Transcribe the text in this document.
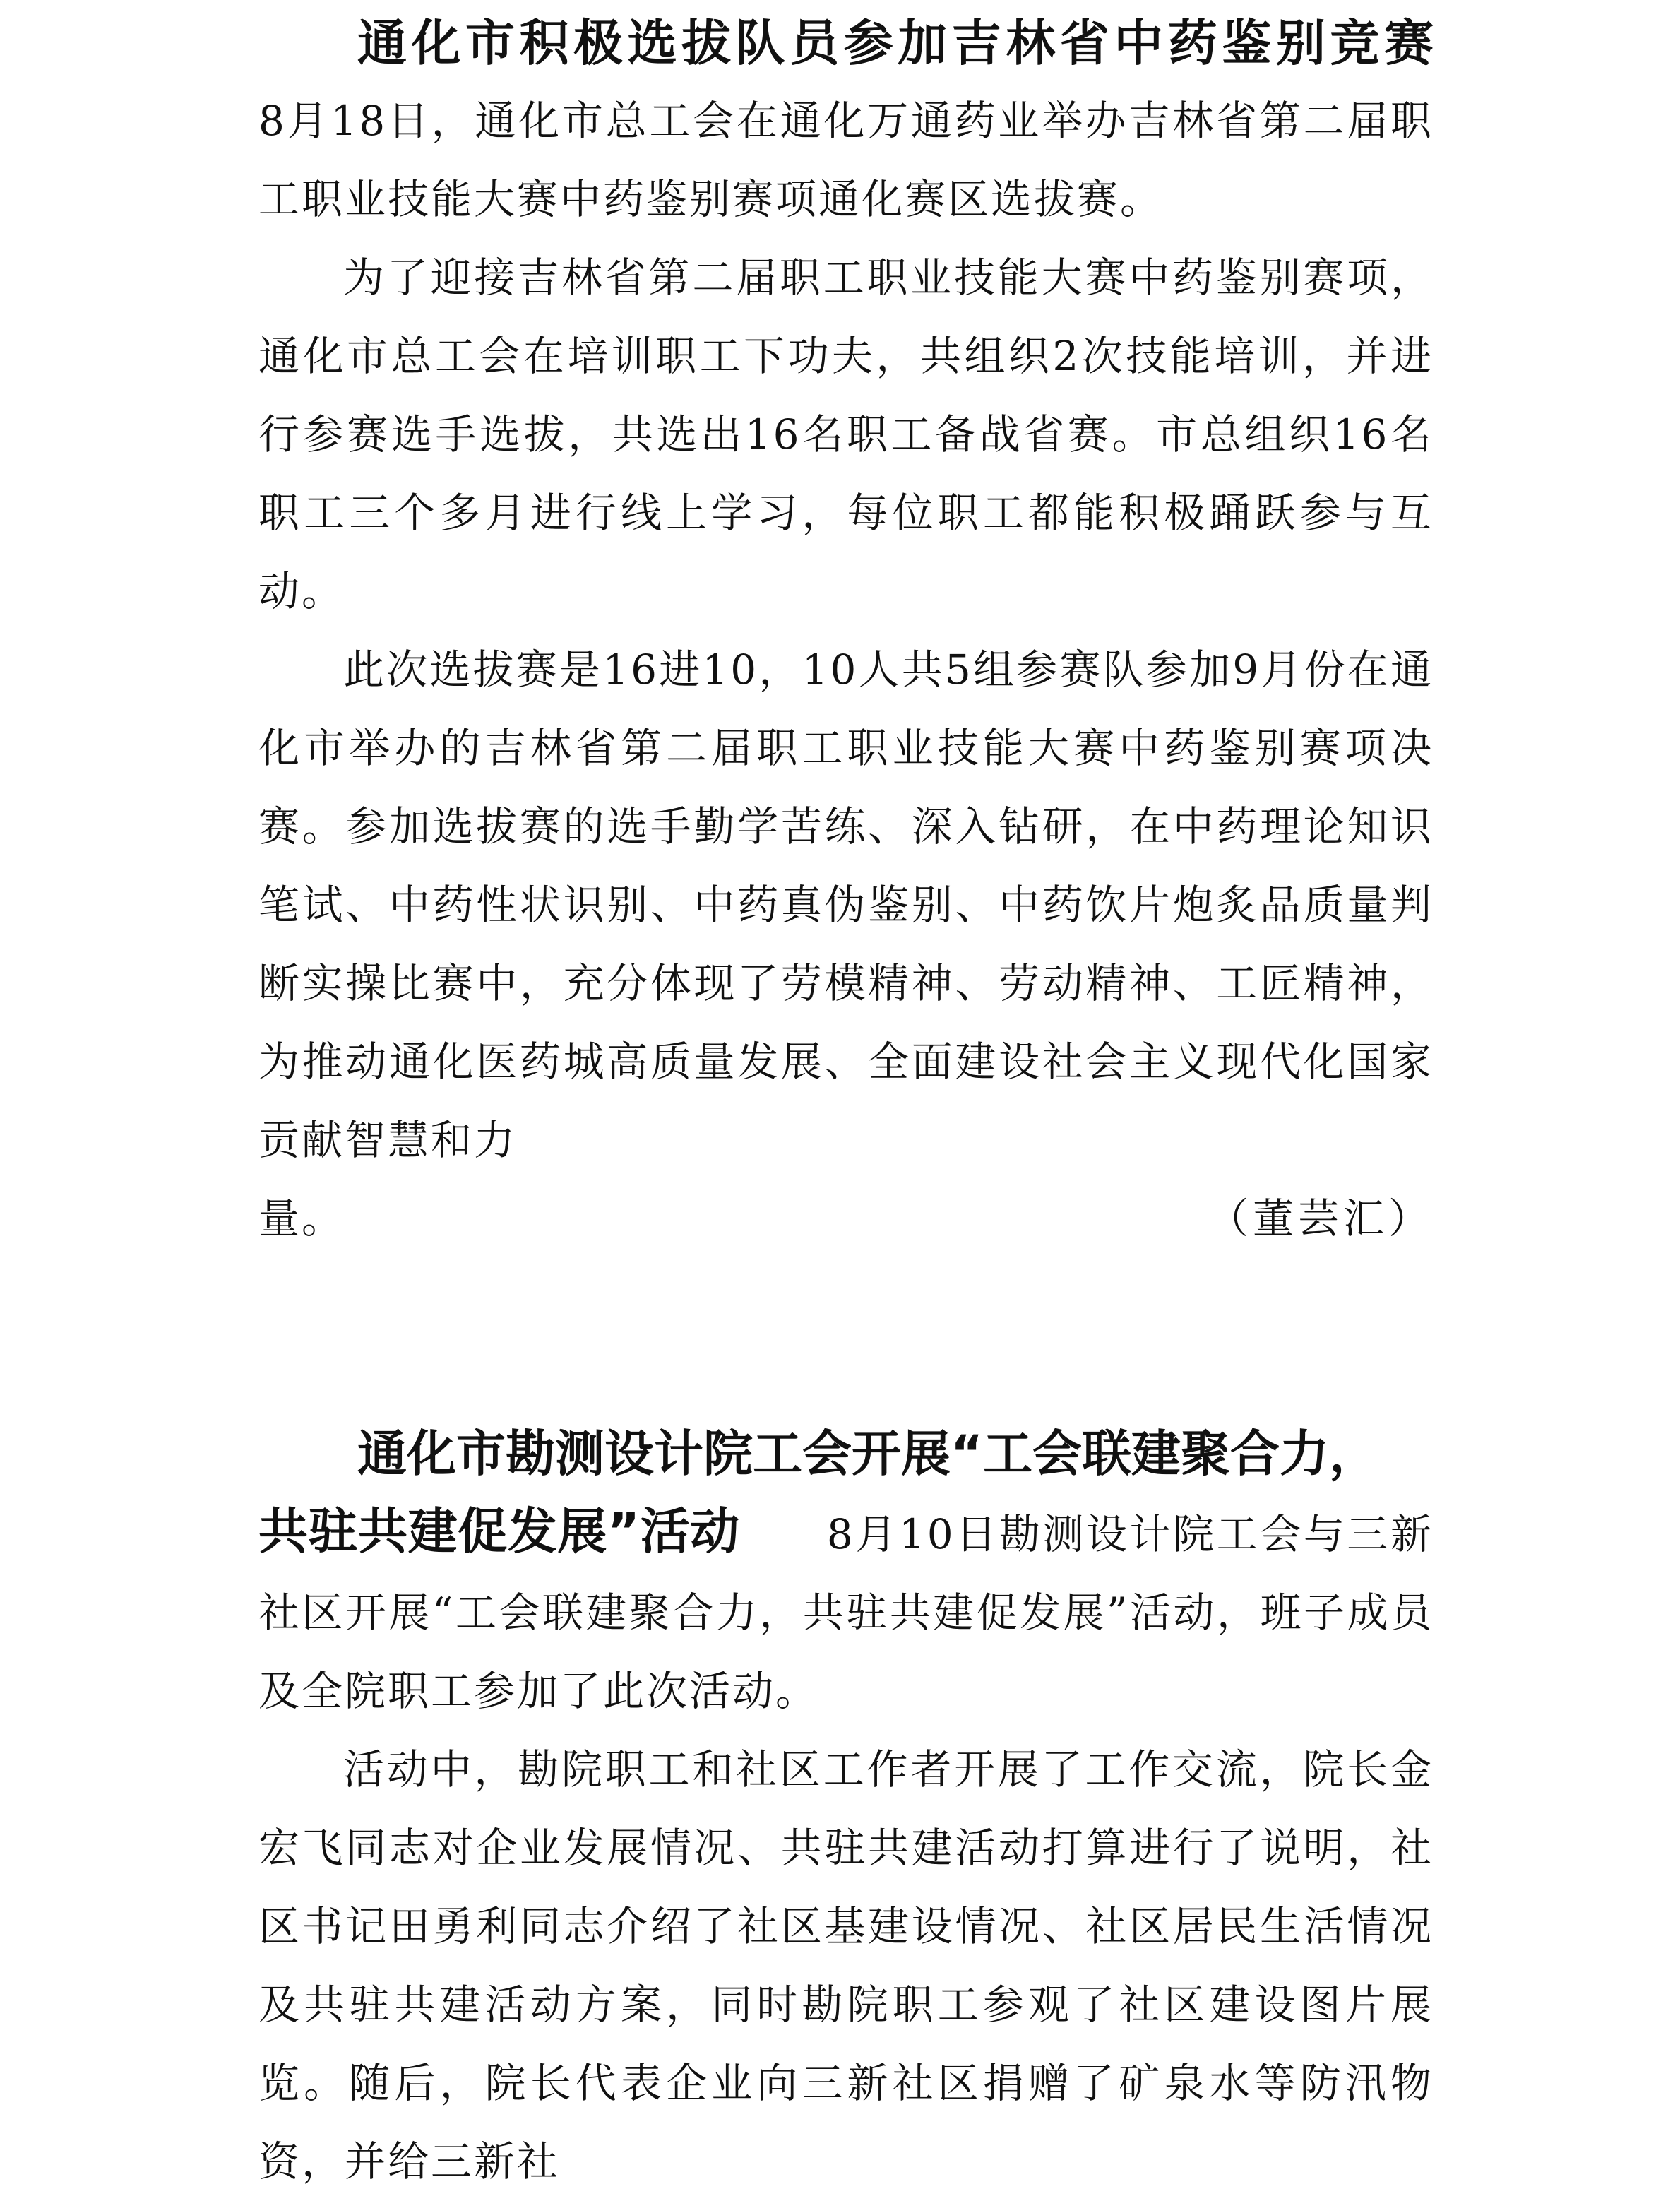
通化市积极选拔队员参加吉林省中药鉴别竞赛

8月18日，通化市总工会在通化万通药业举办吉林省第二届职工职业技能大赛中药鉴别赛项通化赛区选拔赛。

为了迎接吉林省第二届职工职业技能大赛中药鉴别赛项，通化市总工会在培训职工下功夫，共组织2次技能培训，并进行参赛选手选拔，共选出16名职工备战省赛。市总组织16名职工三个多月进行线上学习，每位职工都能积极踊跃参与互动。

此次选拔赛是16进10，10人共5组参赛队参加9月份在通化市举办的吉林省第二届职工职业技能大赛中药鉴别赛项决赛。参加选拔赛的选手勤学苦练、深入钻研，在中药理论知识笔试、中药性状识别、中药真伪鉴别、中药饮片炮炙品质量判断实操比赛中，充分体现了劳模精神、劳动精神、工匠精神，为推动通化医药城高质量发展、全面建设社会主义现代化国家贡献智慧和力

量。	（董芸汇）
通化市勘测设计院工会开展“工会联建聚合力，

共驻共建促发展”活动　　 8月10日勘测设计院工会与三新社区开展“工会联建聚合力，共驻共建促发展”活动，班子成员及全院职工参加了此次活动。

活动中，勘院职工和社区工作者开展了工作交流，院长金宏飞同志对企业发展情况、共驻共建活动打算进行了说明，社区书记田勇利同志介绍了社区基建设情况、社区居民生活情况及共驻共建活动方案，同时勘院职工参观了社区建设图片展览。随后，院长代表企业向三新社区捐赠了矿泉水等防汛物资，并给三新社
